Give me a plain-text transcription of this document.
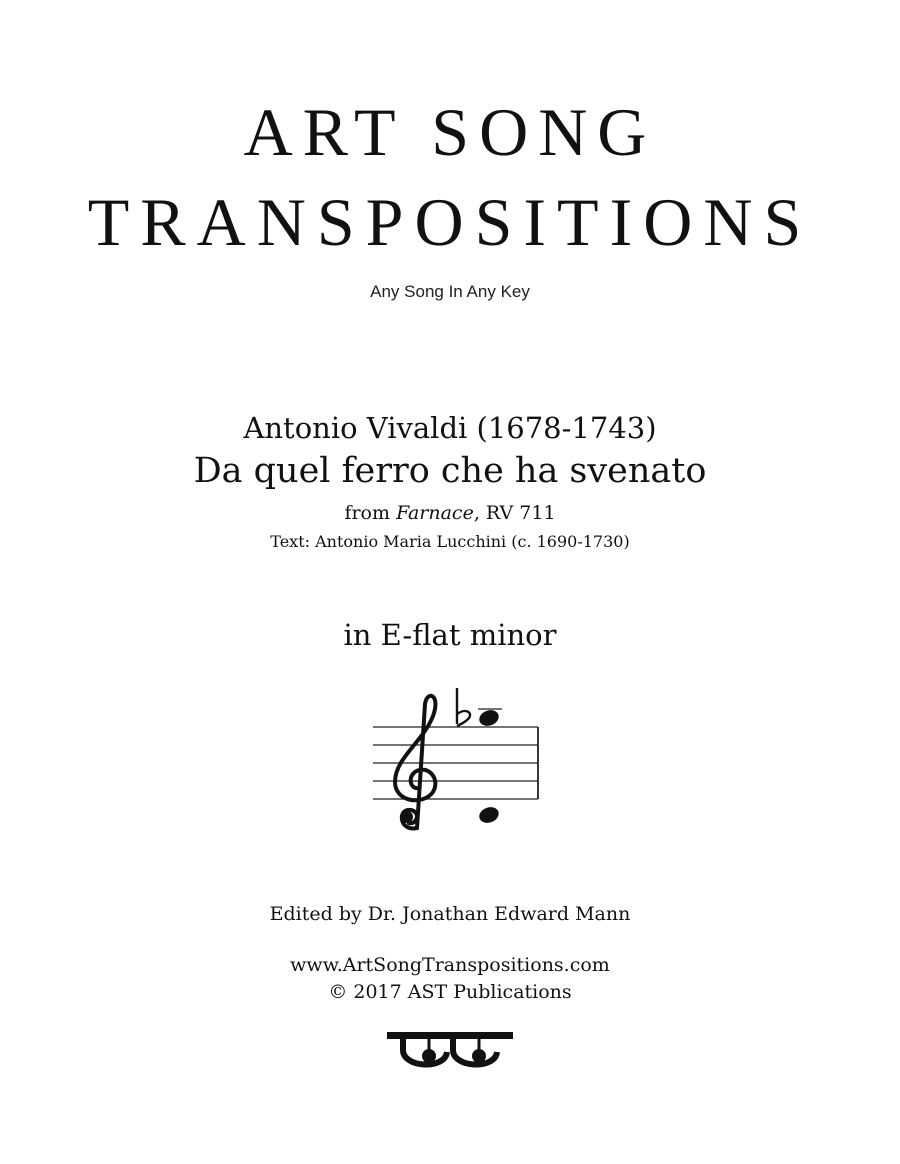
ART SONG
TRANSPOSITIONS
Any Song In Any Key
Antonio Vivaldi (1678-1743)
Da quel ferro che ha svenato
from Farnace, RV 711
Text: Antonio Maria Lucchini (c. 1690-1730)
in E-flat minor
Edited by Dr. Jonathan Edward Mann
www.ArtSongTranspositions.com
© 2017 AST Publications
